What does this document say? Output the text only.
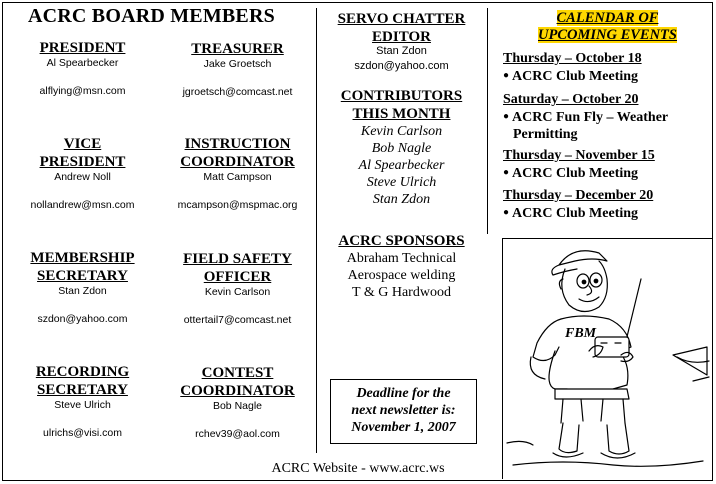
ACRC BOARD MEMBERS
PRESIDENT
Al Spearbecker
alflying@msn.com
TREASURER
Jake Groetsch
jgroetsch@comcast.net
VICE
PRESIDENT
Andrew Noll
nollandrew@msn.com
INSTRUCTION
COORDINATOR
Matt Campson
mcampson@mspmac.org
MEMBERSHIP
SECRETARY
Stan Zdon
szdon@yahoo.com
FIELD SAFETY
OFFICER
Kevin Carlson
ottertail7@comcast.net
RECORDING
SECRETARY
Steve Ulrich
ulrichs@visi.com
CONTEST
COORDINATOR
Bob Nagle
rchev39@aol.com
SERVO CHATTER
EDITOR
Stan Zdon
szdon@yahoo.com
CONTRIBUTORS
THIS MONTH
Kevin Carlson
Bob Nagle
Al Spearbecker
Steve Ulrich
Stan Zdon
ACRC SPONSORS
Abraham Technical
Aerospace welding
T & G Hardwood
Deadline for the
next newsletter is:
November 1, 2007
CALENDAR OF
UPCOMING EVENTS
Thursday – October 18
● ACRC Club Meeting
Saturday – October 20
● ACRC Fun Fly – Weather
Permitting
Thursday – November 15
● ACRC Club Meeting
Thursday – December 20
● ACRC Club Meeting
FBM
ACRC Website - www.acrc.ws
